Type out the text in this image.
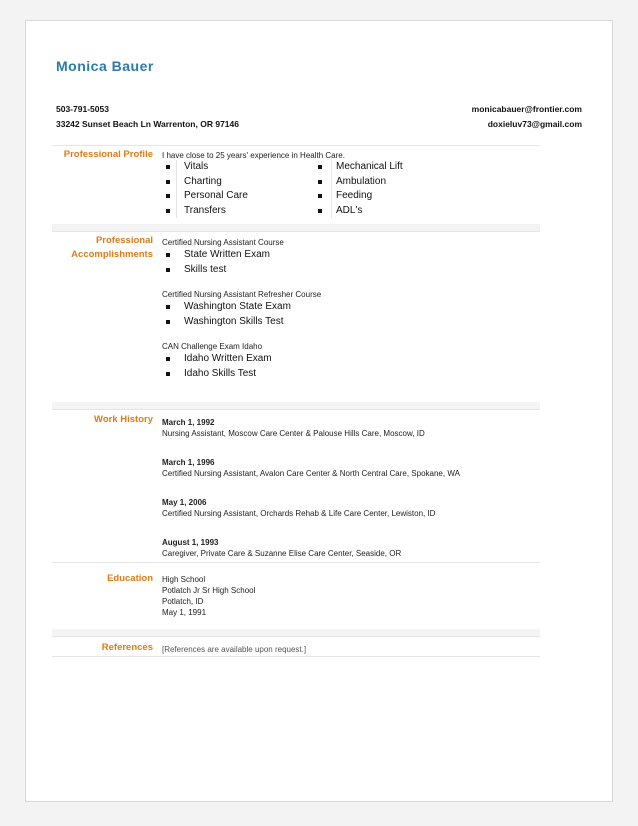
Monica Bauer
503-791-5053
33242 Sunset Beach Ln Warrenton, OR 97146
monicabauer@frontier.com
doxieluv73@gmail.com
Professional Profile I have close to 25 years' experience in Health Care.
Vitals
Charting
Personal Care
Transfers
Mechanical Lift
Ambulation
Feeding
ADL's
Professional
Accomplishments
Certified Nursing Assistant Course
State Written Exam
Skills test
Certified Nursing Assistant Refresher Course
Washington State Exam
Washington Skills Test
CAN Challenge Exam Idaho
Idaho Written Exam
Idaho Skills Test
Work History March 1, 1992
Nursing Assistant, Moscow Care Center & Palouse Hills Care, Moscow, ID
March 1, 1996
Certified Nursing Assistant, Avalon Care Center & North Central Care, Spokane, WA
May 1, 2006
Certified Nursing Assistant, Orchards Rehab & Life Care Center, Lewiston, ID
August 1, 1993
Caregiver, Private Care & Suzanne Elise Care Center, Seaside, OR
Education High School
Potlatch Jr Sr High School
Potlatch, ID
May 1, 1991
References [References are available upon request.]
